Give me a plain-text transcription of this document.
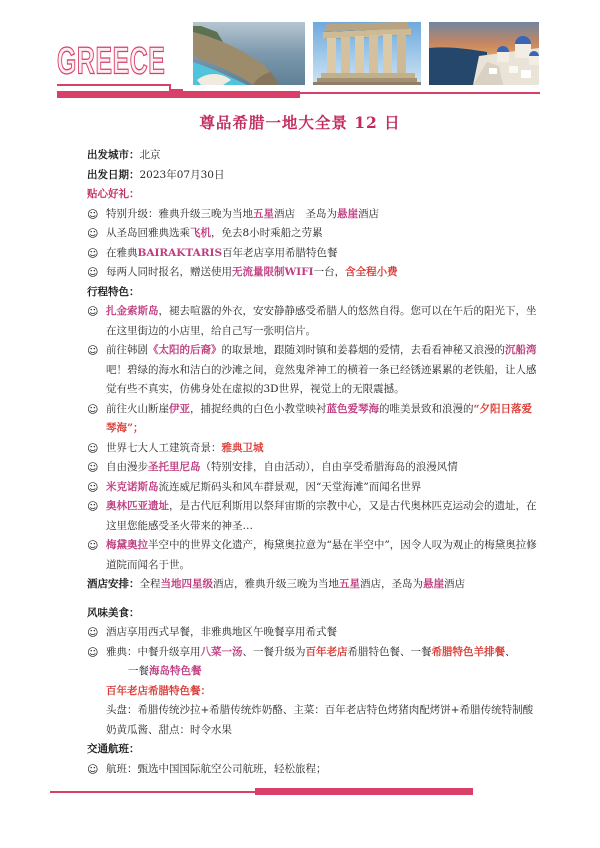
GREECE
尊品希腊一地大全景 12 日
出发城市：北京
出发日期：2023年07月30日
贴心好礼：
☺︎ 特别升级：雅典升级三晚为当地五星酒店　圣岛为悬崖酒店
☺︎ 从圣岛回雅典选乘飞机，免去8小时乘船之劳累
☺︎ 在雅典BAIRAKTARIS百年老店享用希腊特色餐
☺︎ 每两人同时报名，赠送使用无流量限制WIFI一台，含全程小费
行程特色：
☺︎ 扎金索斯岛，褪去喧嚣的外衣，安安静静感受希腊人的悠然自得。您可以在午后的阳光下，坐在这里街边的小店里，给自己写一张明信片。
☺︎ 前往韩剧《太阳的后裔》的取景地，跟随刘时镇和姜暮烟的爱情，去看看神秘又浪漫的沉船湾吧！碧绿的海水和洁白的沙滩之间，竟然鬼斧神工的横着一条已经锈迹累累的老铁船，让人感觉有些不真实，仿佛身处在虚拟的3D世界，视觉上的无限震撼。
☺︎ 前往火山断崖伊亚，捕捉经典的白色小教堂映衬蓝色爱琴海的唯美景致和浪漫的“夕阳日落爱琴海”；
☺︎ 世界七大人工建筑奇景：雅典卫城
☺︎ 自由漫步圣托里尼岛（特别安排，自由活动），自由享受希腊海岛的浪漫风情
☺︎ 米克诺斯岛流连威尼斯码头和风车群景观，因“天堂海滩”而闻名世界
☺︎ 奥林匹亚遗址，是古代厄利斯用以祭拜宙斯的宗教中心，又是古代奥林匹克运动会的遗址，在这里您能感受圣火带来的神圣…
☺︎ 梅黛奥拉半空中的世界文化遗产，梅黛奥拉意为“悬在半空中”，因令人叹为观止的梅黛奥拉修道院而闻名于世。
酒店安排：全程当地四星级酒店，雅典升级三晚为当地五星酒店，圣岛为悬崖酒店
风味美食：
☺︎ 酒店享用西式早餐，非雅典地区午晚餐享用希式餐
☺︎ 雅典：中餐升级享用八菜一汤、一餐升级为百年老店希腊特色餐、一餐希腊特色羊排餐、
一餐海岛特色餐
百年老店希腊特色餐：
头盘：希腊传统沙拉+希腊传统炸奶酪、主菜：百年老店特色烤猪肉配烤饼+希腊传统特制酸奶黄瓜酱、甜点：时令水果
交通航班：
☺︎ 航班：甄选中国国际航空公司航班，轻松旅程；
